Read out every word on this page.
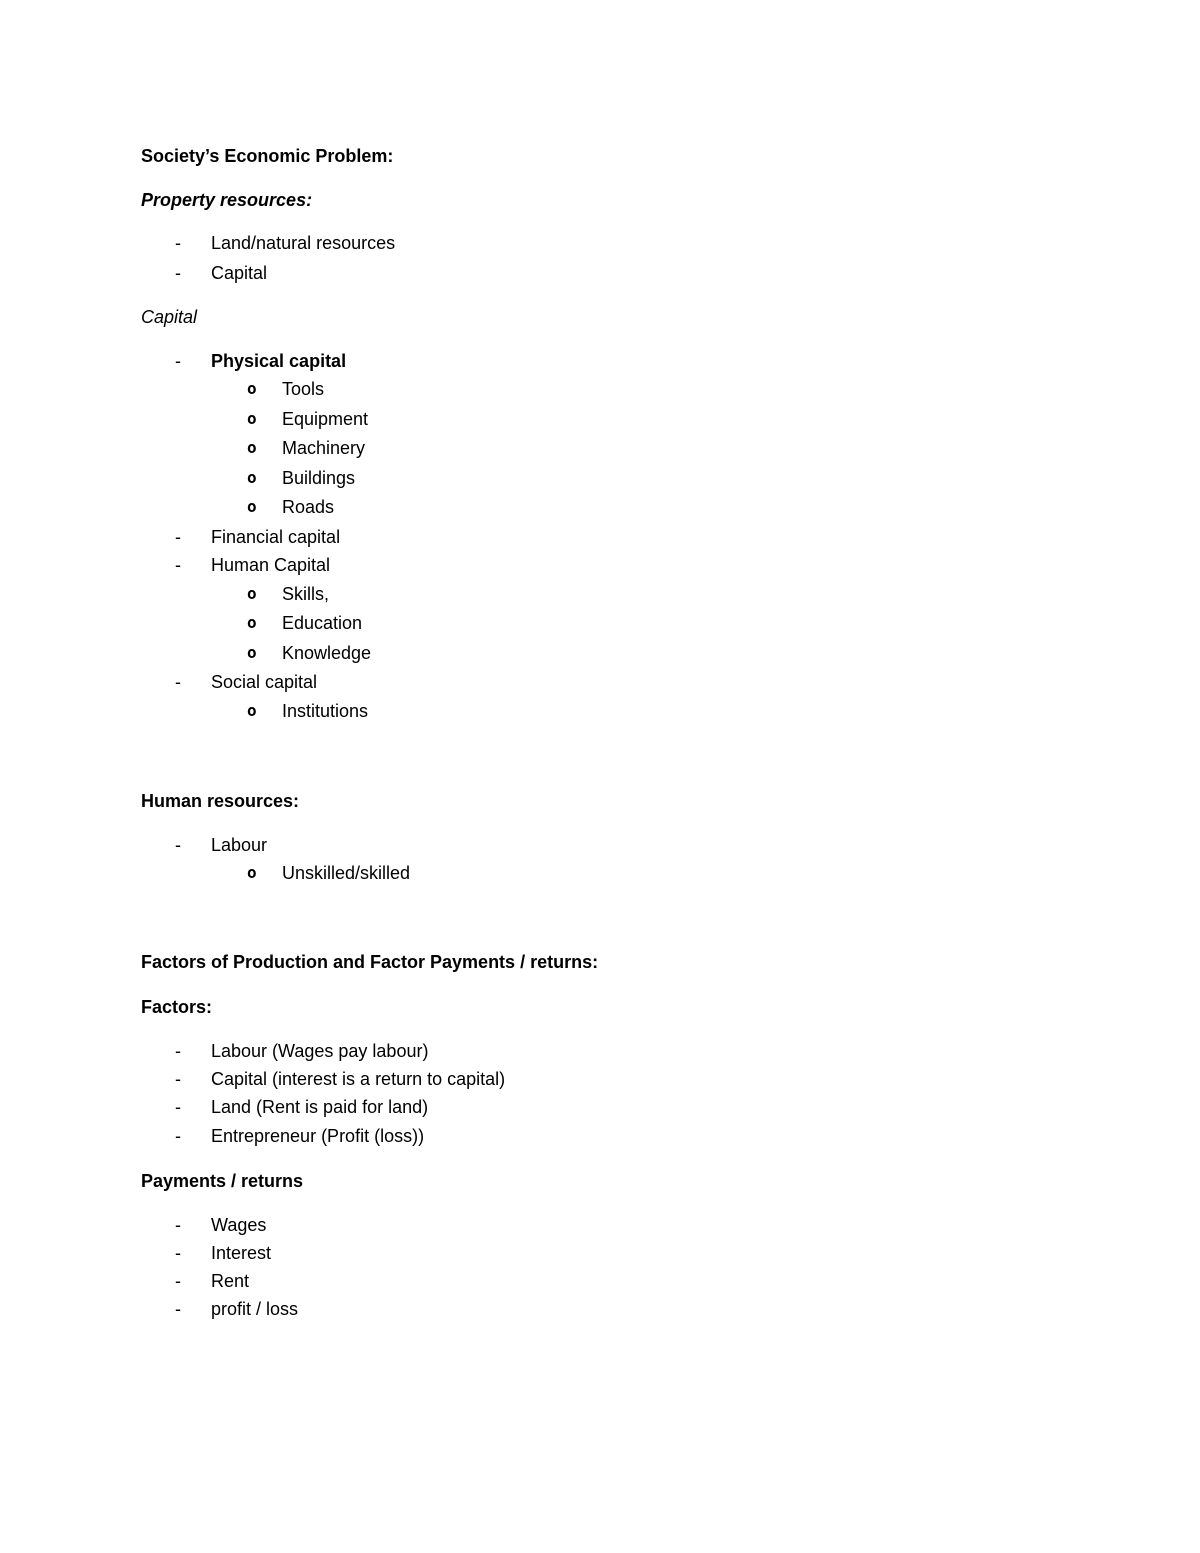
Society’s Economic Problem:
Property resources:
- Land/natural resources
- Capital
Capital
- Physical capital
o Tools
o Equipment
o Machinery
o Buildings
o Roads
- Financial capital
- Human Capital
o Skills,
o Education
o Knowledge
- Social capital
o Institutions
Human resources:
- Labour
o Unskilled/skilled
Factors of Production and Factor Payments / returns:
Factors:
- Labour (Wages pay labour)
- Capital (interest is a return to capital)
- Land (Rent is paid for land)
- Entrepreneur (Profit (loss))
Payments / returns
- Wages
- Interest
- Rent
- profit / loss
